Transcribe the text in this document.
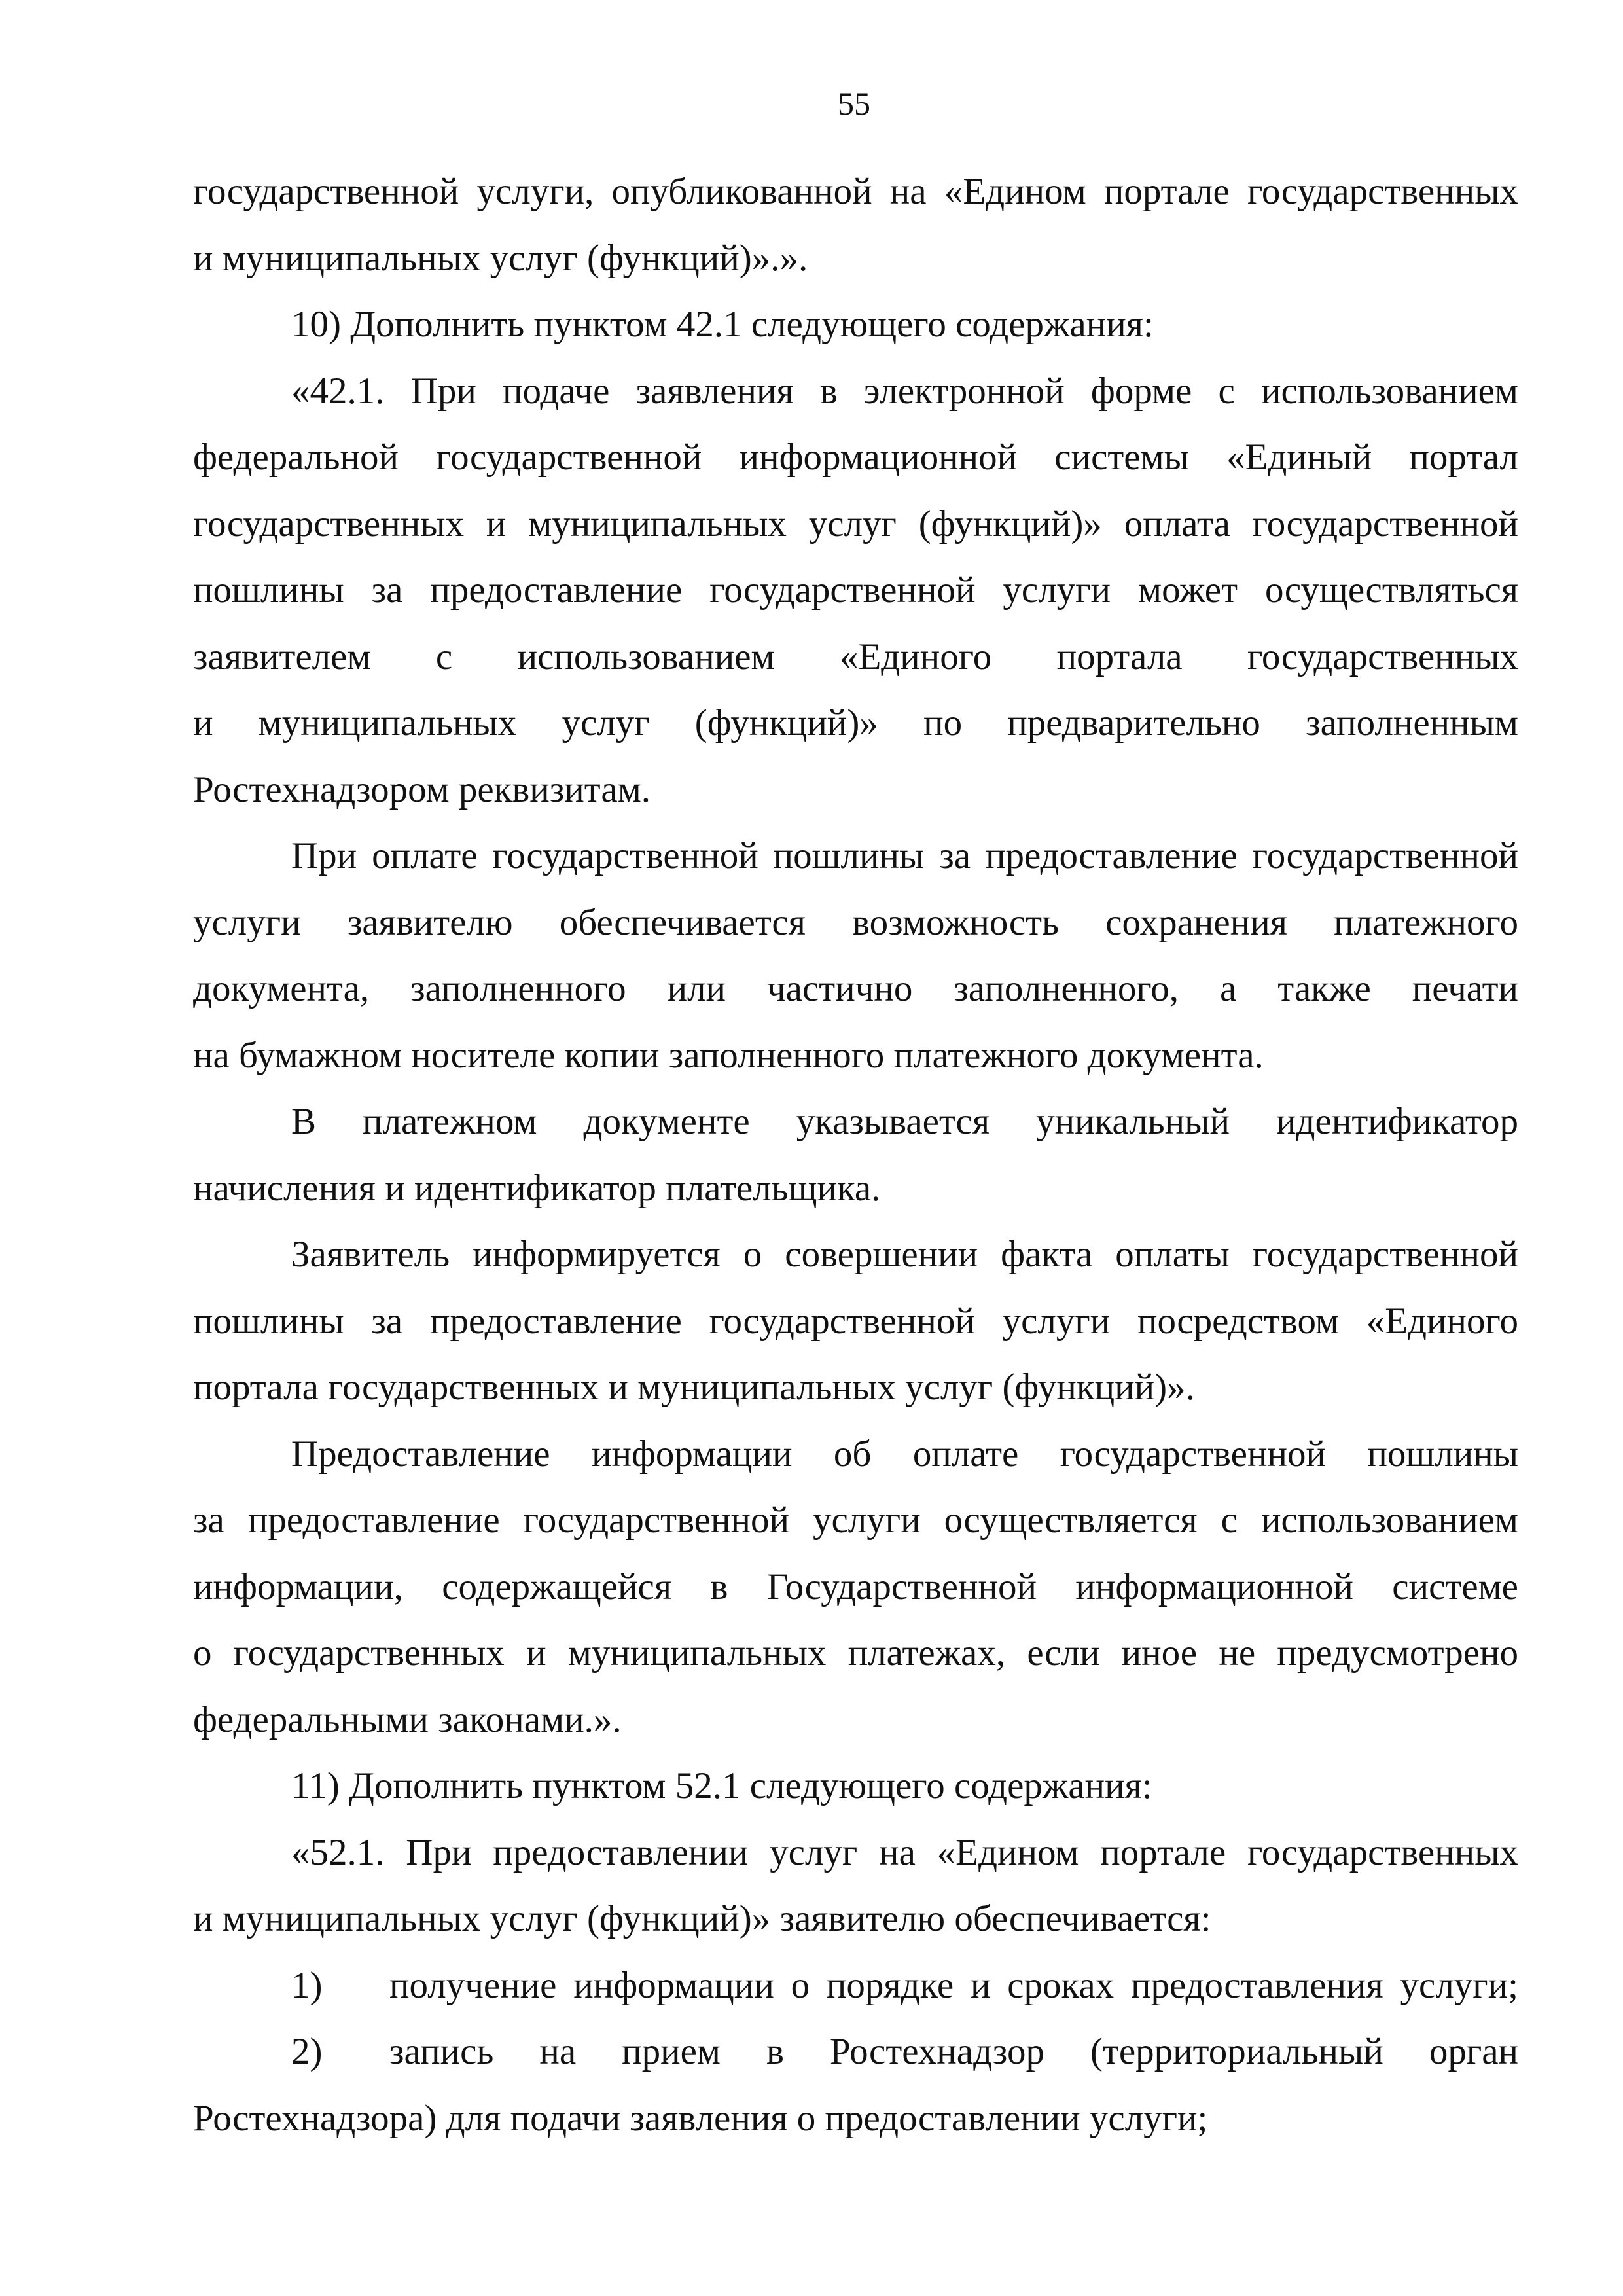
55
государственной услуги, опубликованной на «Едином портале государственных
и муниципальных услуг (функций)».».
10) Дополнить пунктом 42.1 следующего содержания:
«42.1. При подаче заявления в электронной форме с использованием
федеральной государственной информационной системы «Единый портал
государственных и муниципальных услуг (функций)» оплата государственной
пошлины за предоставление государственной услуги может осуществляться
заявителем с использованием «Единого портала государственных
и муниципальных услуг (функций)» по предварительно заполненным
Ростехнадзором реквизитам.
При оплате государственной пошлины за предоставление государственной
услуги заявителю обеспечивается возможность сохранения платежного
документа, заполненного или частично заполненного, а также печати
на бумажном носителе копии заполненного платежного документа.
В платежном документе указывается уникальный идентификатор
начисления и идентификатор плательщика.
Заявитель информируется о совершении факта оплаты государственной
пошлины за предоставление государственной услуги посредством «Единого
портала государственных и муниципальных услуг (функций)».
Предоставление информации об оплате государственной пошлины
за предоставление государственной услуги осуществляется с использованием
информации, содержащейся в Государственной информационной системе
о государственных и муниципальных платежах, если иное не предусмотрено
федеральными законами.».
11) Дополнить пунктом 52.1 следующего содержания:
«52.1. При предоставлении услуг на «Едином портале государственных
и муниципальных услуг (функций)» заявителю обеспечивается:
1)	получение информации о порядке и сроках предоставления услуги;
2)	запись на прием в Ростехнадзор (территориальный орган
Ростехнадзора) для подачи заявления о предоставлении услуги;
